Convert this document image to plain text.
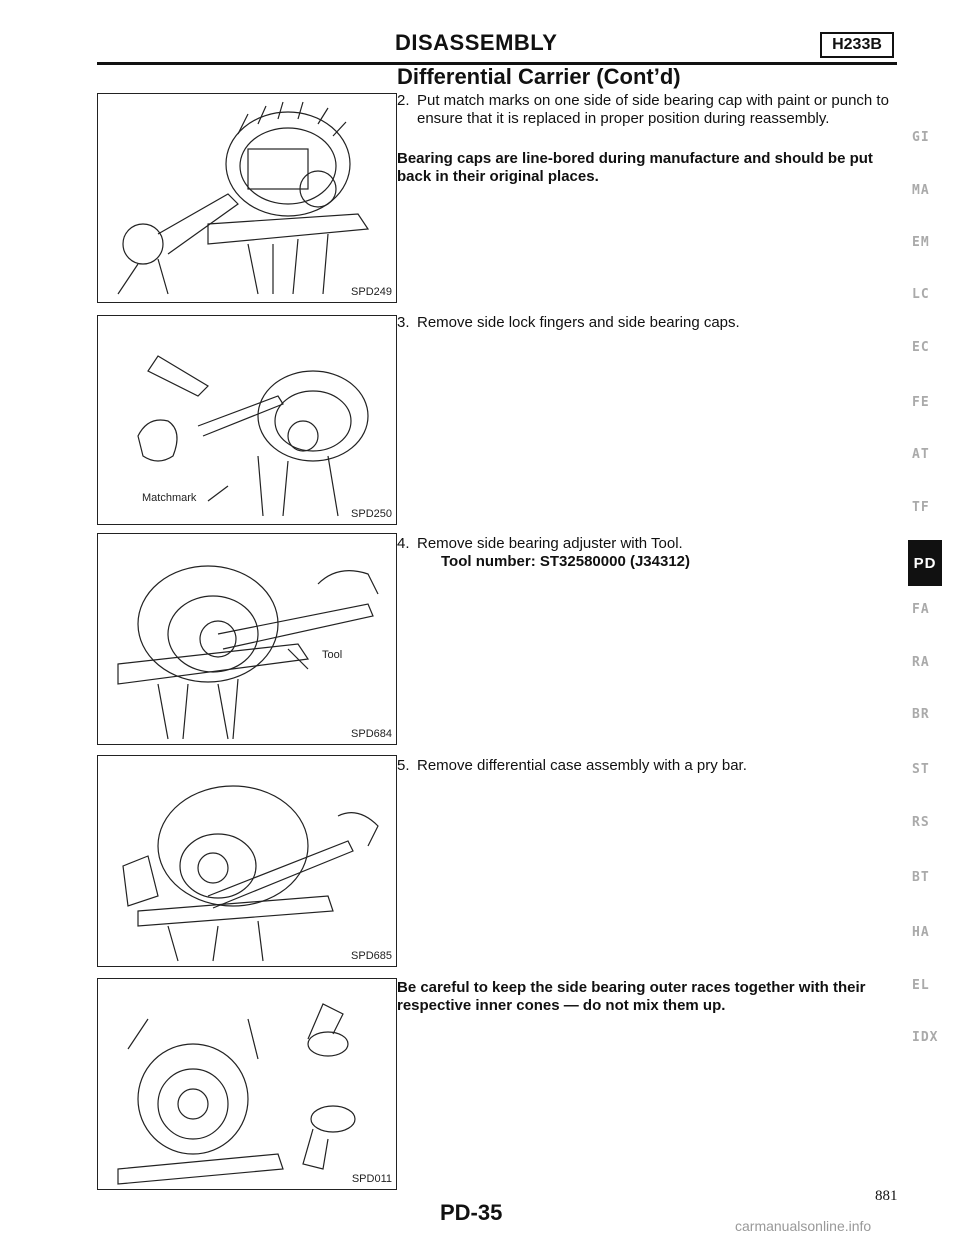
DISASSEMBLY	H233B
Differential Carrier (Cont’d)
SPD249
Matchmark
SPD250
Tool
SPD684
SPD685
SPD011
2. Put match marks on one side of side bearing cap with paint or punch to ensure that it is replaced in proper position during reassembly.
Bearing caps are line-bored during manufacture and should be put back in their original places.
3. Remove side lock fingers and side bearing caps.
4. Remove side bearing adjuster with Tool.
Tool number: ST32580000 (J34312)
5. Remove differential case assembly with a pry bar.
Be careful to keep the side bearing outer races together with their respective inner cones — do not mix them up.
GI
MA
EM
LC
EC
FE
AT
TF
PD
FA
RA
BR
ST
RS
BT
HA
EL
IDX
PD-35
881
carmanualsonline.info
